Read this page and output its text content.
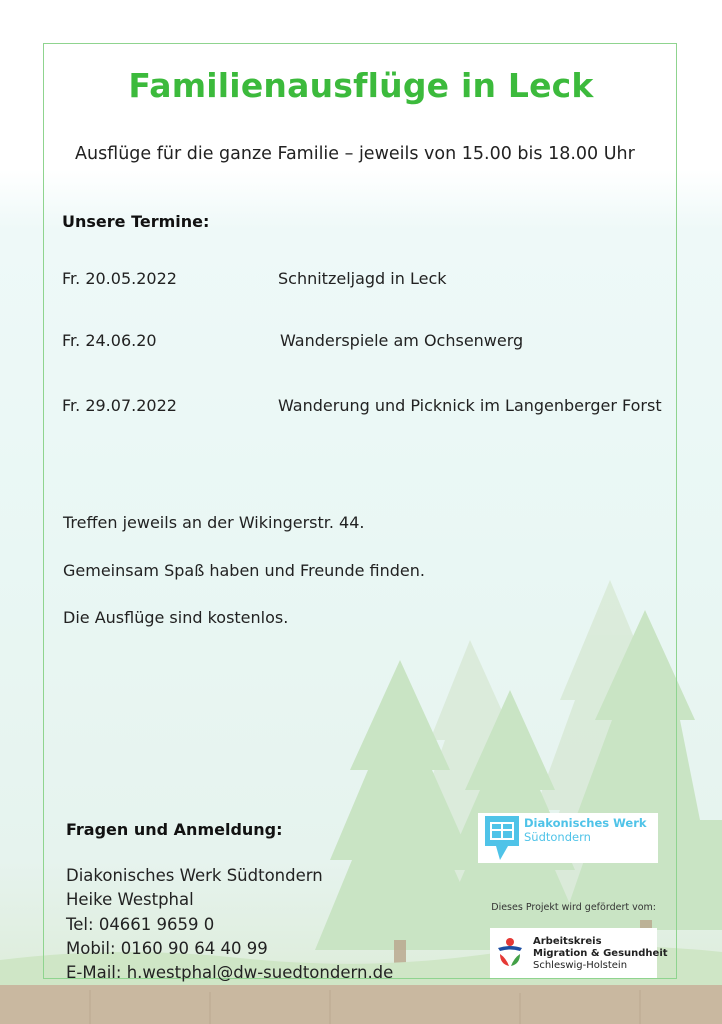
Familienausflüge in Leck
Ausflüge für die ganze Familie – jeweils von 15.00 bis 18.00 Uhr
Unsere Termine:
Fr. 20.05.2022	Schnitzeljagd in Leck
Fr. 24.06.20	Wanderspiele am Ochsenwerg
Fr. 29.07.2022	Wanderung und Picknick im Langenberger Forst
Treffen jeweils an der Wikingerstr. 44.
Gemeinsam Spaß haben und Freunde finden.
Die Ausflüge sind kostenlos.
Fragen und Anmeldung:
Diakonisches Werk Südtondern
Heike Westphal
Tel: 04661 9659 0
Mobil: 0160 90 64 40 99
E-Mail: h.westphal@dw-suedtondern.de
Diakonisches Werk
Südtondern
Dieses Projekt wird gefördert vom:
Arbeitskreis
Migration & Gesundheit
Schleswig-Holstein
